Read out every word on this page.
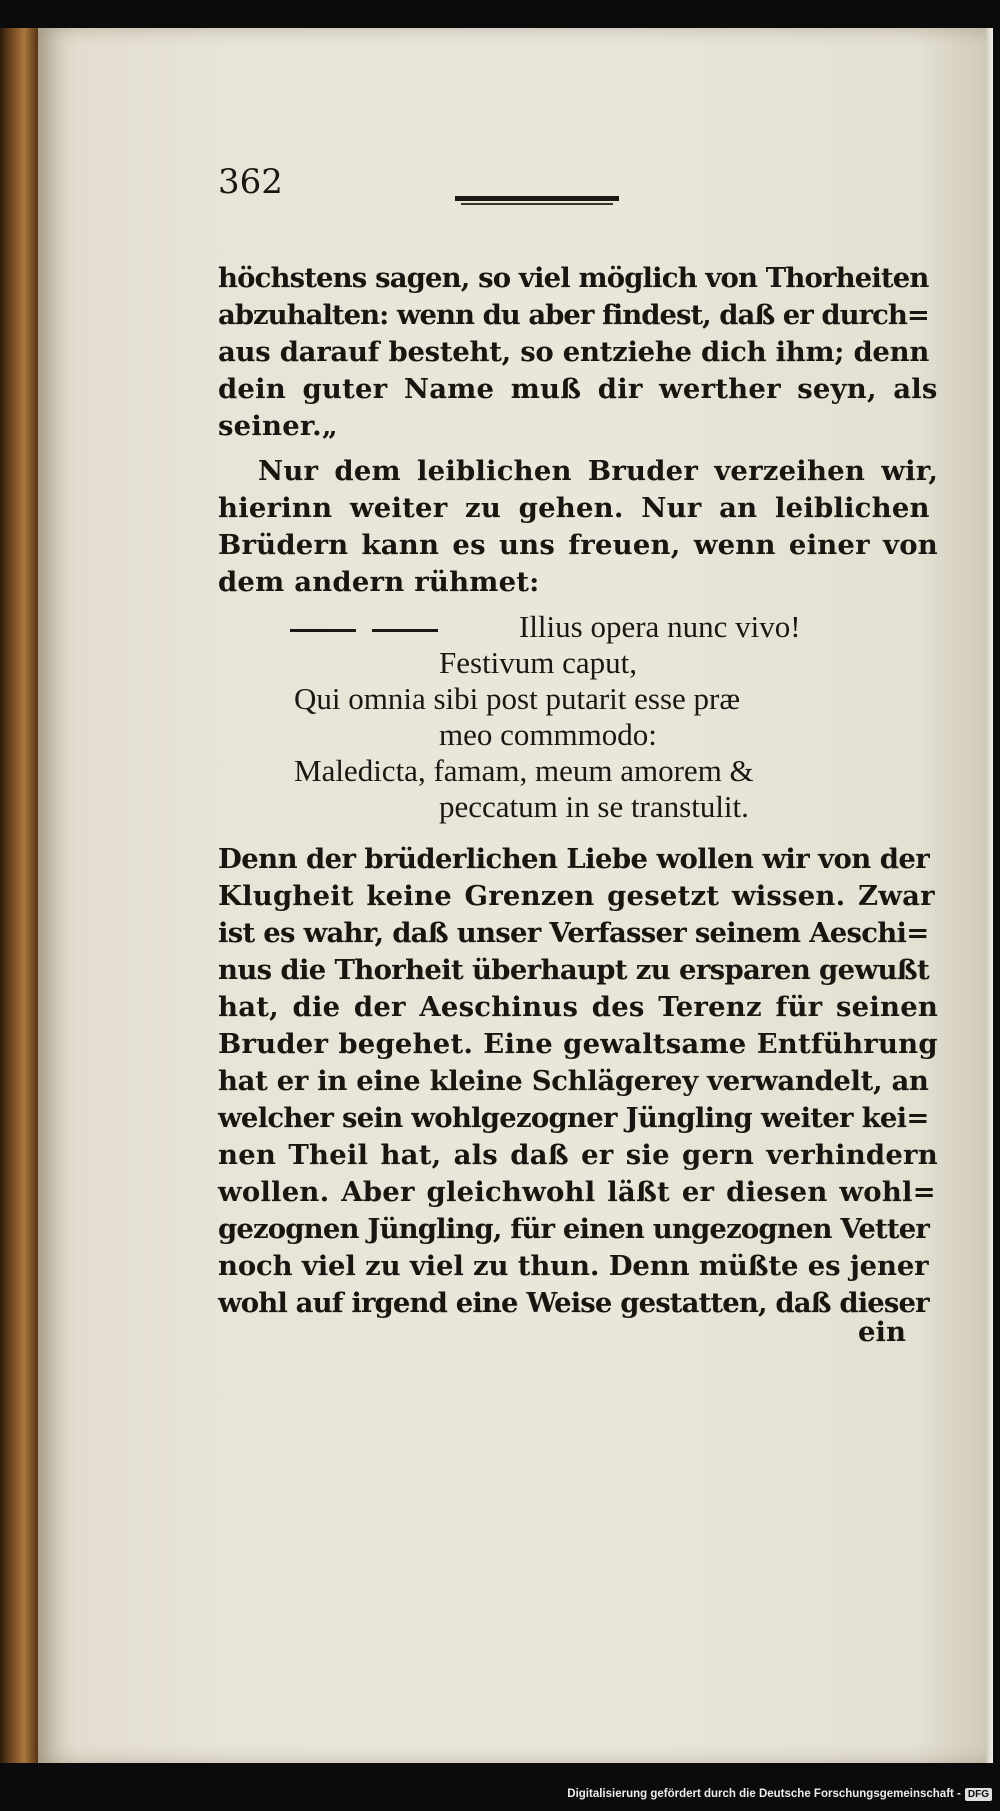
362
höchstens sagen, so viel möglich von Thorheiten
abzuhalten: wenn du aber findest, daß er durch=
aus darauf besteht, so entziehe dich ihm; denn
dein guter Name muß dir werther seyn, als
seiner.„
Nur dem leiblichen Bruder verzeihen wir,
hierinn weiter zu gehen. Nur an leiblichen
Brüdern kann es uns freuen, wenn einer von
dem andern rühmet:
Illius opera nunc vivo!
Festivum caput,
Qui omnia sibi post putarit esse præ
meo commmodo:
Maledicta, famam, meum amorem &
peccatum in se transtulit.
Denn der brüderlichen Liebe wollen wir von der
Klugheit keine Grenzen gesetzt wissen. Zwar
ist es wahr, daß unser Verfasser seinem Aeschi=
nus die Thorheit überhaupt zu ersparen gewußt
hat, die der Aeschinus des Terenz für seinen
Bruder begehet. Eine gewaltsame Entführung
hat er in eine kleine Schlägerey verwandelt, an
welcher sein wohlgezogner Jüngling weiter kei=
nen Theil hat, als daß er sie gern verhindern
wollen. Aber gleichwohl läßt er diesen wohl=
gezognen Jüngling, für einen ungezognen Vetter
noch viel zu viel zu thun. Denn müßte es jener
wohl auf irgend eine Weise gestatten, daß dieser
ein
Digitalisierung gefördert durch die Deutsche Forschungsgemeinschaft - DFG
